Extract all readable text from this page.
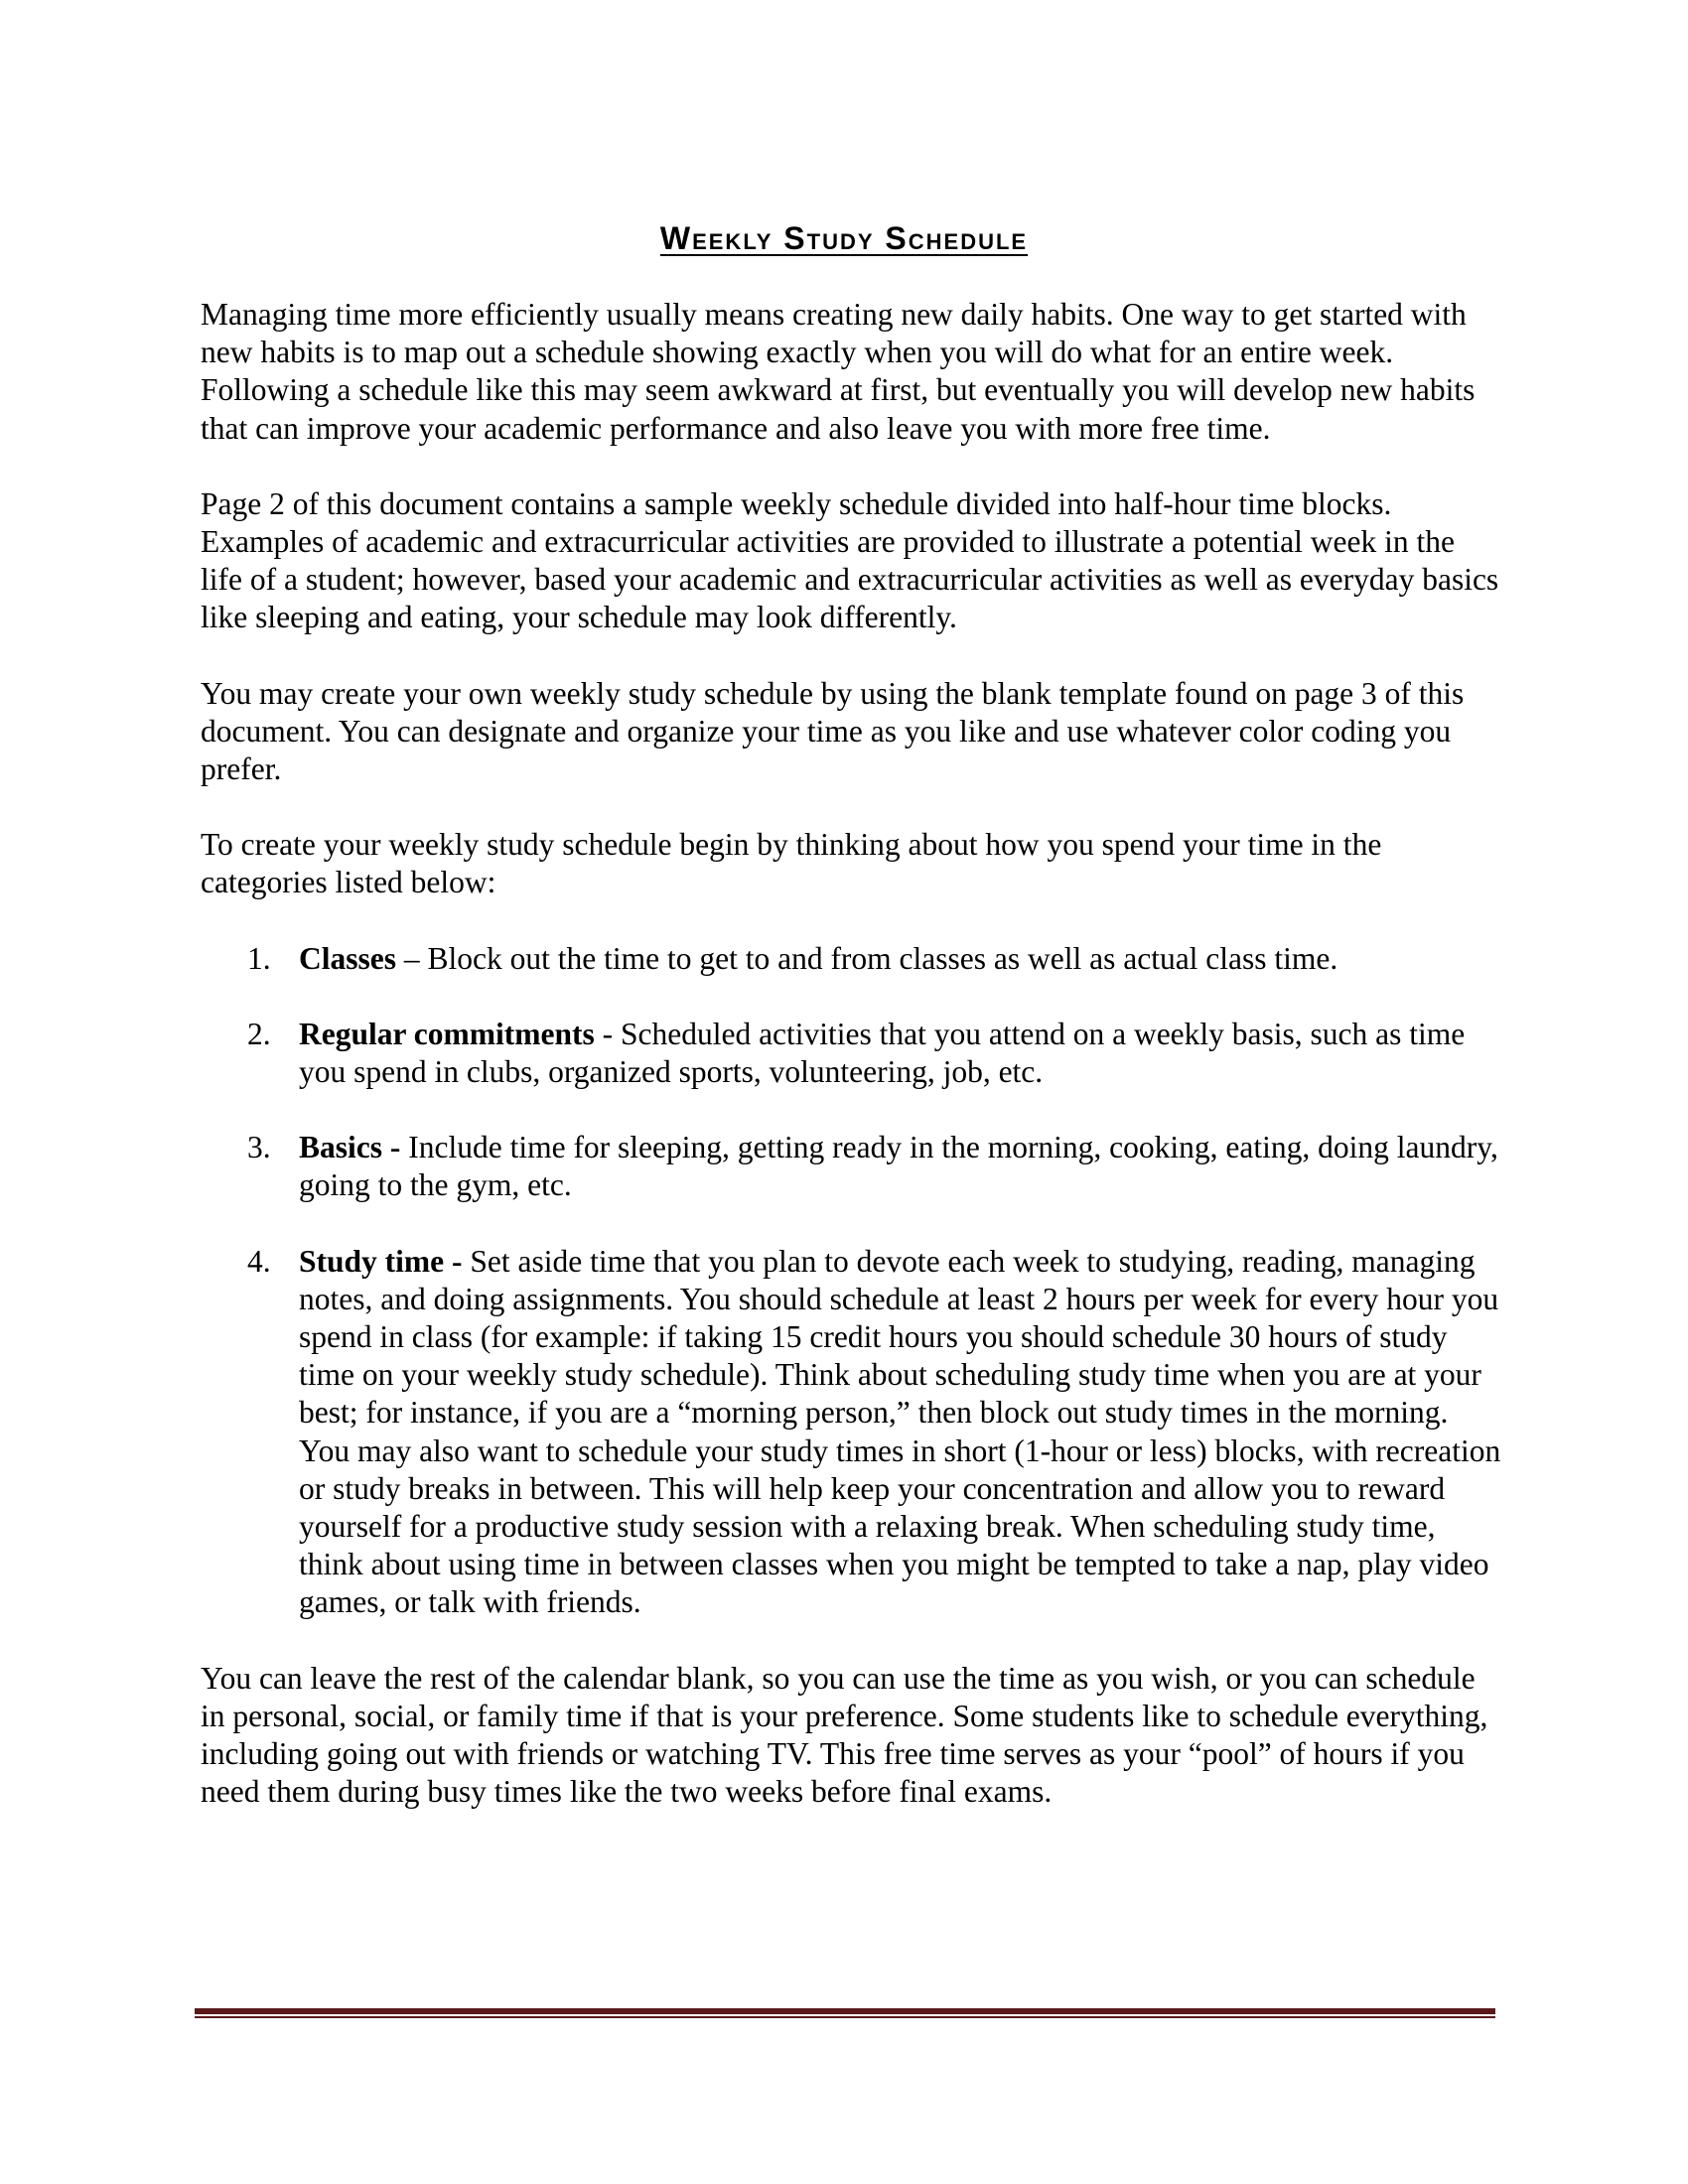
Weekly Study Schedule

Managing time more efficiently usually means creating new daily habits. One way to get started with new habits is to map out a schedule showing exactly when you will do what for an entire week. Following a schedule like this may seem awkward at first, but eventually you will develop new habits that can improve your academic performance and also leave you with more free time.

Page 2 of this document contains a sample weekly schedule divided into half-hour time blocks. Examples of academic and extracurricular activities are provided to illustrate a potential week in the life of a student; however, based your academic and extracurricular activities as well as everyday basics like sleeping and eating, your schedule may look differently.

You may create your own weekly study schedule by using the blank template found on page 3 of this document. You can designate and organize your time as you like and use whatever color coding you prefer.

To create your weekly study schedule begin by thinking about how you spend your time in the categories listed below:

1. Classes – Block out the time to get to and from classes as well as actual class time.
2. Regular commitments - Scheduled activities that you attend on a weekly basis, such as time you spend in clubs, organized sports, volunteering, job, etc.
3. Basics - Include time for sleeping, getting ready in the morning, cooking, eating, doing laundry, going to the gym, etc.
4. Study time - Set aside time that you plan to devote each week to studying, reading, managing notes, and doing assignments. You should schedule at least 2 hours per week for every hour you spend in class (for example: if taking 15 credit hours you should schedule 30 hours of study time on your weekly study schedule). Think about scheduling study time when you are at your best; for instance, if you are a “morning person,” then block out study times in the morning. You may also want to schedule your study times in short (1-hour or less) blocks, with recreation or study breaks in between. This will help keep your concentration and allow you to reward yourself for a productive study session with a relaxing break. When scheduling study time, think about using time in between classes when you might be tempted to take a nap, play video games, or talk with friends.

You can leave the rest of the calendar blank, so you can use the time as you wish, or you can schedule in personal, social, or family time if that is your preference. Some students like to schedule everything, including going out with friends or watching TV. This free time serves as your “pool” of hours if you need them during busy times like the two weeks before final exams.
